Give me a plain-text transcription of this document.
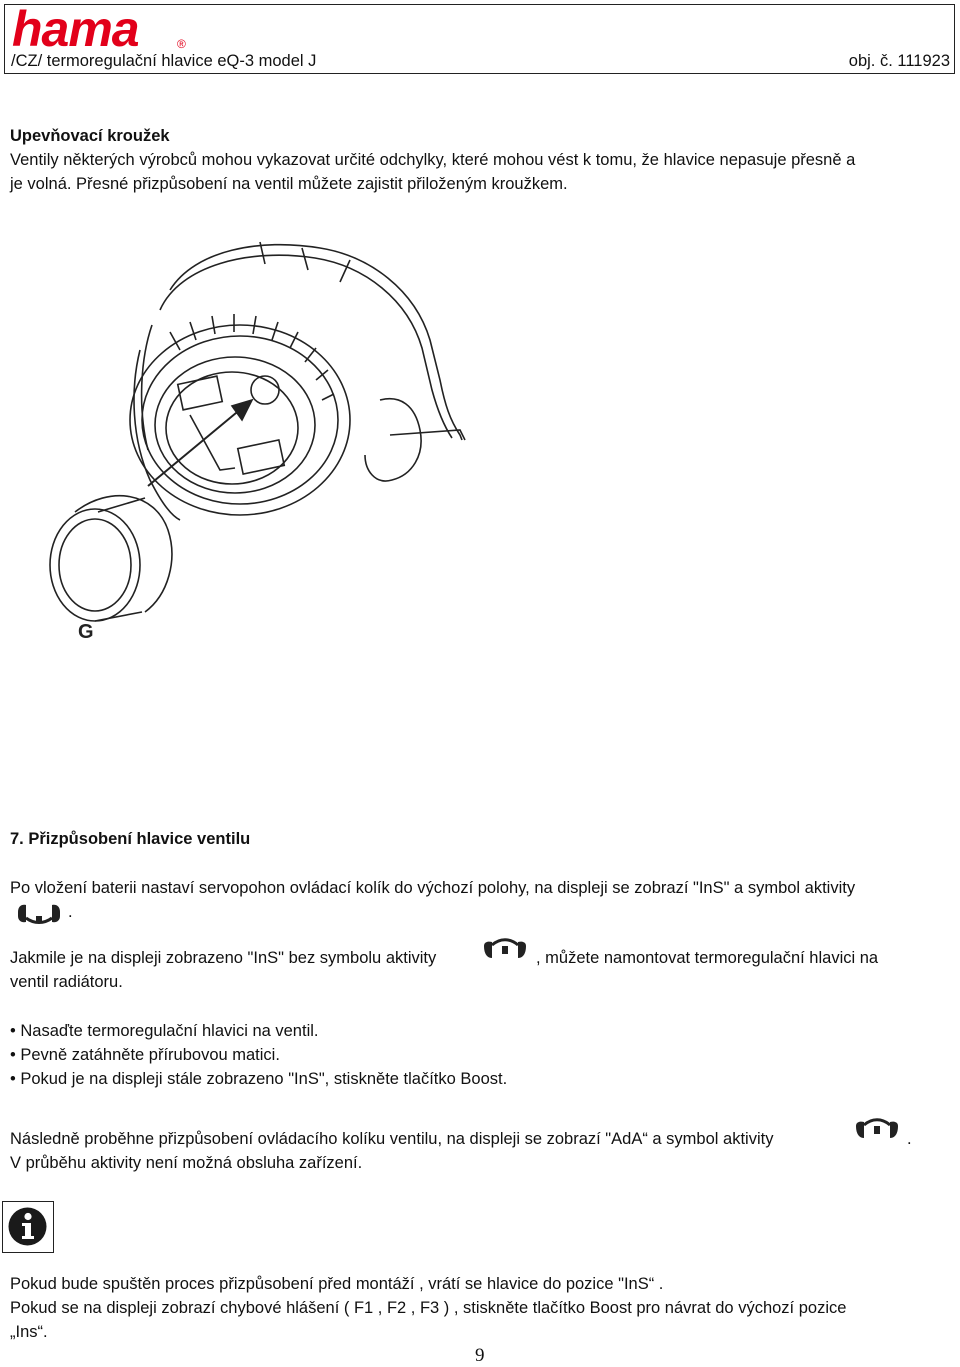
hama	®
/CZ/ termoregulační hlavice eQ-3 model J	obj. č. 111923
Upevňovací kroužek
Ventily některých výrobců mohou vykazovat určité odchylky, které mohou vést k tomu, že hlavice nepasuje přesně a
je volná. Přesné přizpůsobení na ventil můžete zajistit přiloženým kroužkem.
G
7. Přizpůsobení hlavice ventilu
Po vložení baterii nastaví servopohon ovládací kolík do výchozí polohy, na displeji se zobrazí "InS" a symbol aktivity
.
Jakmile je na displeji zobrazeno "InS" bez symbolu aktivity	, můžete namontovat termoregulační hlavici na
ventil radiátoru.
• Nasaďte termoregulační hlavici na ventil.
• Pevně zatáhněte přírubovou matici.
• Pokud je na displeji stále zobrazeno "InS", stiskněte tlačítko Boost.
Následně proběhne přizpůsobení ovládacího kolíku ventilu, na displeji se zobrazí "AdA“ a symbol aktivity	.
V průběhu aktivity není možná obsluha zařízení.
Pokud bude spuštěn proces přizpůsobení před montáží , vrátí se hlavice do pozice "InS“ .
Pokud se na displeji zobrazí chybové hlášení ( F1 , F2 , F3 ) , stiskněte tlačítko Boost pro návrat do výchozí pozice
„Ins“.
9
